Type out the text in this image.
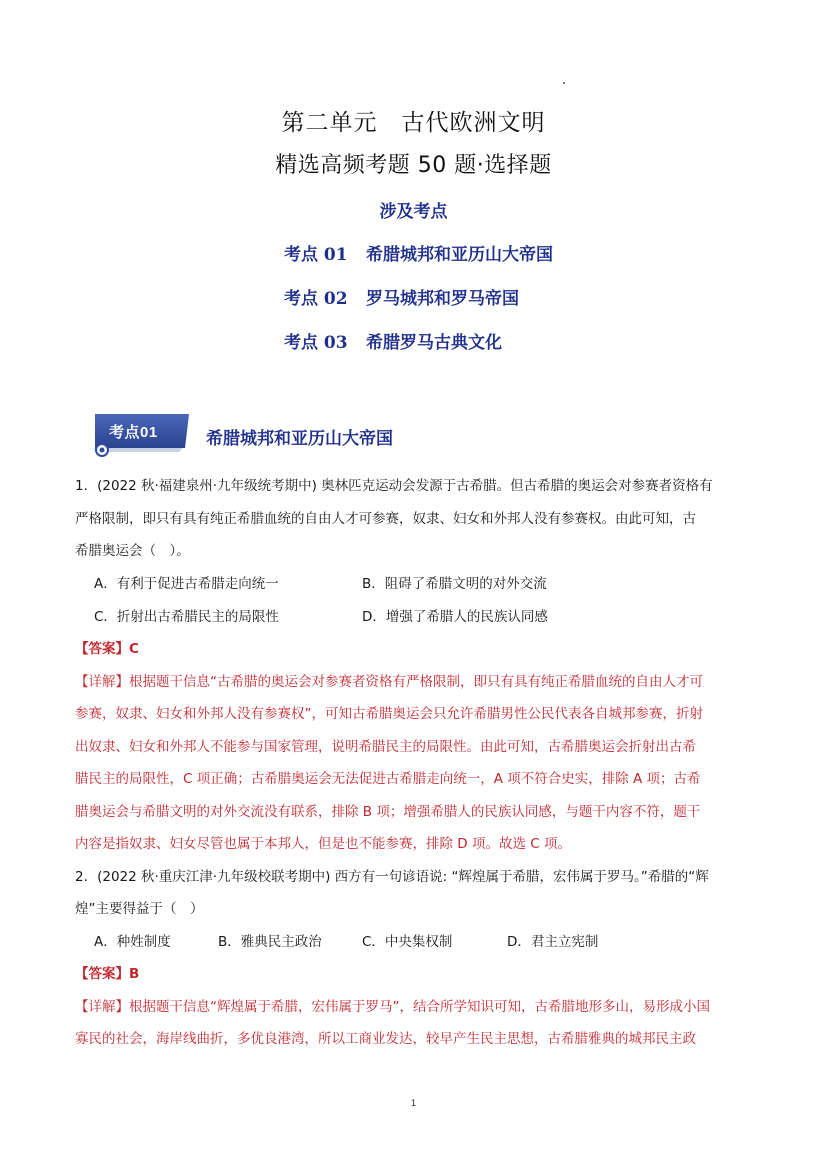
第二单元 古代欧洲文明
精选高频考题 50 题·选择题
涉及考点
考点 01 希腊城邦和亚历山大帝国
考点 02 罗马城邦和罗马帝国
考点 03 希腊罗马古典文化
考点01	希腊城邦和亚历山大帝国
1．(2022 秋·福建泉州·九年级统考期中) 奥林匹克运动会发源于古希腊。但古希腊的奥运会对参赛者资格有
严格限制，即只有具有纯正希腊血统的自由人才可参赛，奴隶、妇女和外邦人没有参赛权。由此可知，古
希腊奥运会（　）。
A．有利于促进古希腊走向统一	B．阻碍了希腊文明的对外交流
C．折射出古希腊民主的局限性	D．增强了希腊人的民族认同感
【答案】C
【详解】根据题干信息“古希腊的奥运会对参赛者资格有严格限制，即只有具有纯正希腊血统的自由人才可
参赛，奴隶、妇女和外邦人没有参赛权”，可知古希腊奥运会只允许希腊男性公民代表各自城邦参赛，折射
出奴隶、妇女和外邦人不能参与国家管理，说明希腊民主的局限性。由此可知，古希腊奥运会折射出古希
腊民主的局限性，C 项正确；古希腊奥运会无法促进古希腊走向统一，A 项不符合史实，排除 A 项；古希
腊奥运会与希腊文明的对外交流没有联系，排除 B 项；增强希腊人的民族认同感，与题干内容不符，题干
内容是指奴隶、妇女尽管也属于本邦人，但是也不能参赛，排除 D 项。故选 C 项。
2．(2022 秋·重庆江津·九年级校联考期中) 西方有一句谚语说: “辉煌属于希腊，宏伟属于罗马。”希腊的“辉
煌”主要得益于（　）
A．种姓制度	B．雅典民主政治	C．中央集权制	D．君主立宪制
【答案】B
【详解】根据题干信息“辉煌属于希腊，宏伟属于罗马”，结合所学知识可知，古希腊地形多山，易形成小国
寡民的社会，海岸线曲折，多优良港湾，所以工商业发达，较早产生民主思想，古希腊雅典的城邦民主政
1
